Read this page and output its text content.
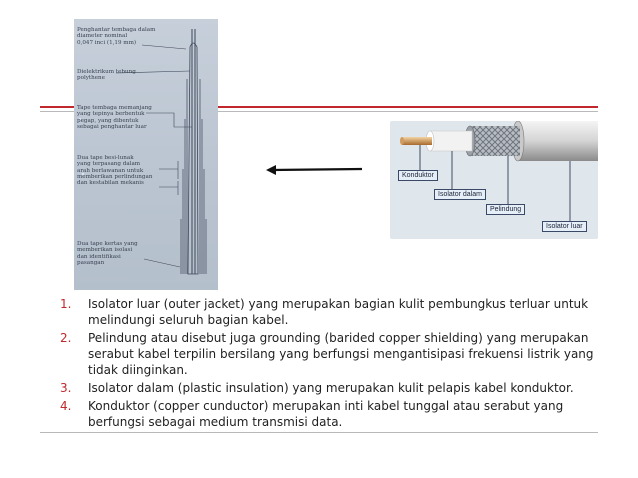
Penghantar tembaga dalam
diameter nominal
0,047 inci (1,19 mm)
Dielektrikum tebung
polythene
Tape tembaga memanjang
yang tepinya berbentuk
pegap, yang dibentuk
sebagai penghantar luar
Dua tape besi-lunak
yang terpasang dalam
arah berlawanan untuk
memberikan perlindungan
dan kestabilan mekanis
Dua tape kertas yang
memberikan isolasi
dan identifikasi
pasangan
Konduktor
Isolator dalam
Pelindung
Isolator luar
1.	Isolator luar (outer jacket) yang merupakan bagian kulit pembungkus terluar untuk melindungi seluruh bagian kabel.
2.	Pelindung atau disebut juga grounding (barided copper shielding) yang merupakan serabut kabel terpilin bersilang yang berfungsi mengantisipasi frekuensi listrik yang tidak diinginkan.
3.	Isolator dalam (plastic insulation) yang merupakan kulit pelapis kabel konduktor.
4.	Konduktor (copper cunductor) merupakan inti kabel tunggal atau serabut yang berfungsi sebagai medium transmisi data.
